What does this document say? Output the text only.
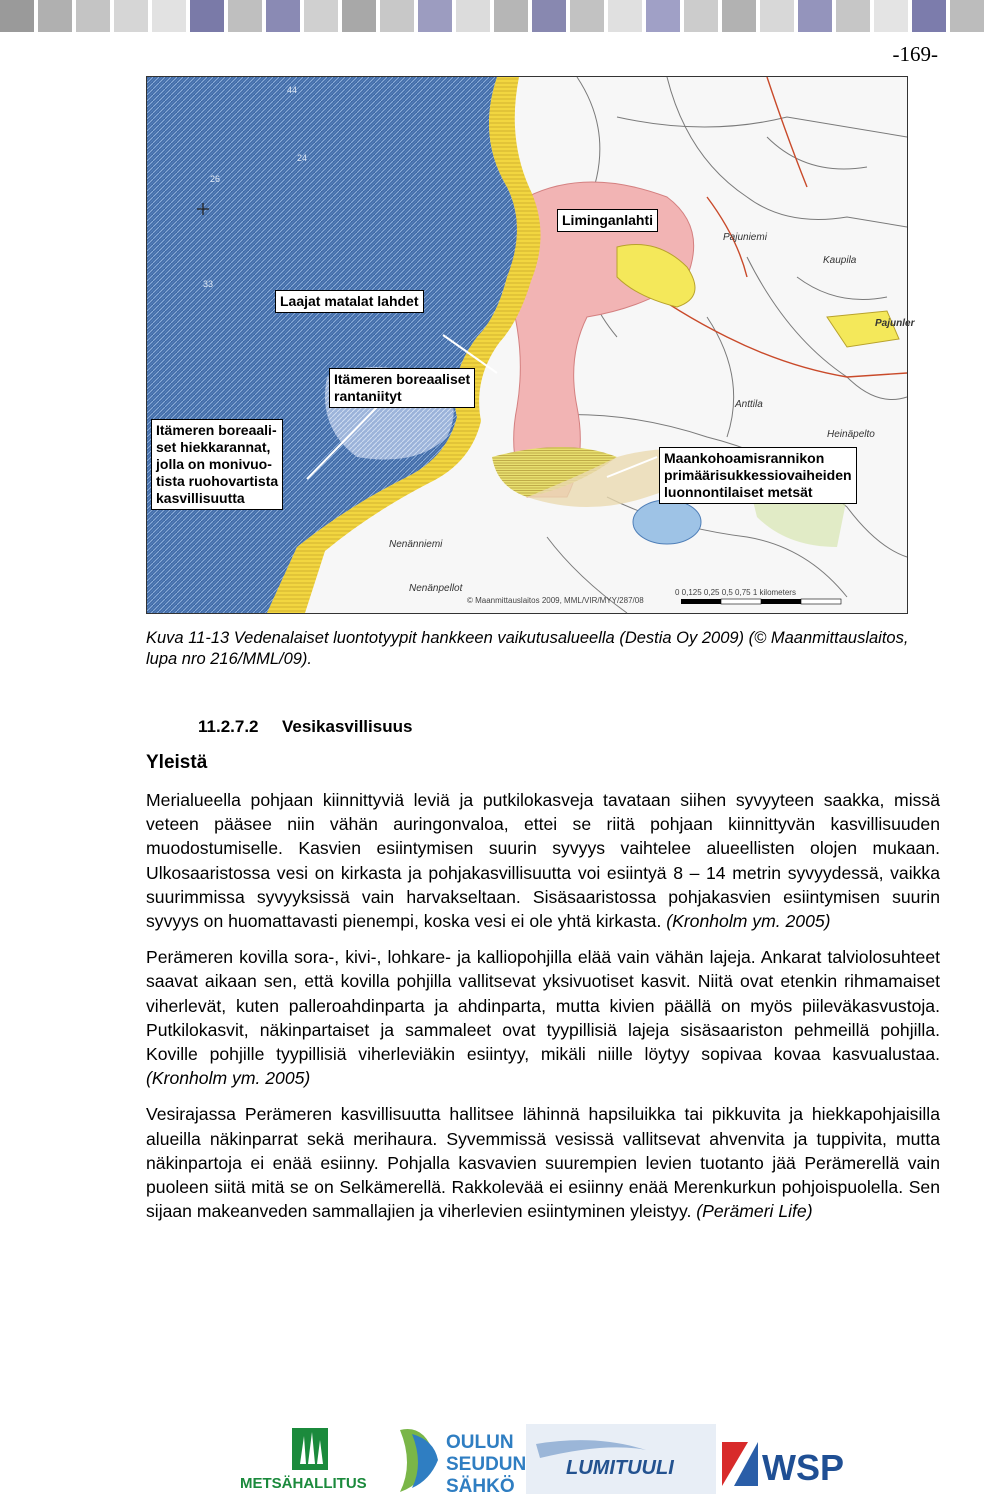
-169-
44
26
33
24
Pajuniemi
Pajunler
Nenänniemi
Nenänpellot
Kaupila
Anttila
Heinäpelto
© Maanmittauslaitos 2009, MML/VIR/MYY/287/08
0 0,125 0,25 0,5 0,75 1 kilometers
Liminganlahti
Laajat matalat lahdet
Itämeren boreaaliset
rantaniityt
Itämeren boreaali-
set hiekkarannat,
jolla on monivuo-
tista ruohovartista
kasvillisuutta
Maankohoamisrannikon
primäärisukkessiovaiheiden
luonnontilaiset metsät
Kuva 11-13 Vedenalaiset luontotyypit hankkeen vaikutusalueella (Destia Oy 2009) (© Maanmittauslaitos, lupa nro 216/MML/09).
11.2.7.2 Vesikasvillisuus
Yleistä

Merialueella pohjaan kiinnittyviä leviä ja putkilokasveja tavataan siihen syvyyteen saakka, missä veteen pääsee niin vähän auringonvaloa, ettei se riitä pohjaan kiinnittyvän kasvillisuuden muodostumiselle. Kasvien esiintymisen suurin syvyys vaihtelee alueellisten olojen mukaan. Ulkosaaristossa vesi on kirkasta ja pohjakasvillisuutta voi esiintyä 8 – 14 metrin syvyydessä, vaikka suurimmissa syvyyksissä vain harvakseltaan. Sisäsaaristossa pohjakasvien esiintymisen suurin syvyys on huomattavasti pienempi, koska vesi ei ole yhtä kirkasta. (Kronholm ym. 2005)

Perämeren kovilla sora-, kivi-, lohkare- ja kalliopohjilla elää vain vähän lajeja. Ankarat talviolosuhteet saavat aikaan sen, että kovilla pohjilla vallitsevat yksivuotiset kasvit. Niitä ovat etenkin rihmamaiset viherlevät, kuten palleroahdinparta ja ahdinparta, mutta kivien päällä on myös piileväkasvustoja. Putkilokasvit, näkinpartaiset ja sammaleet ovat tyypillisiä lajeja sisäsaariston pehmeillä pohjilla. Koville pohjille tyypillisiä viherleviäkin esiintyy, mikäli niille löytyy sopivaa kovaa kasvualustaa. (Kronholm ym. 2005)

Vesirajassa Perämeren kasvillisuutta hallitsee lähinnä hapsiluikka tai pikkuvita ja hiekkapohjaisilla alueilla näkinparrat sekä merihaura. Syvemmissä vesissä vallitsevat ahvenvita ja tuppivita, mutta näkinpartoja ei enää esiinny. Pohjalla kasvavien suurempien levien tuotanto jää Perämerellä vain puoleen siitä mitä se on Selkämerellä. Rakkolevää ei esiinny enää Merenkurkun pohjoispuolella. Sen sijaan makeanveden sammallajien ja viherlevien esiintyminen yleistyy. (Perämeri Life)

METSÄHALLITUS
OULUN
SEUDUN
SÄHKÖ
LUMITUULI WSP
